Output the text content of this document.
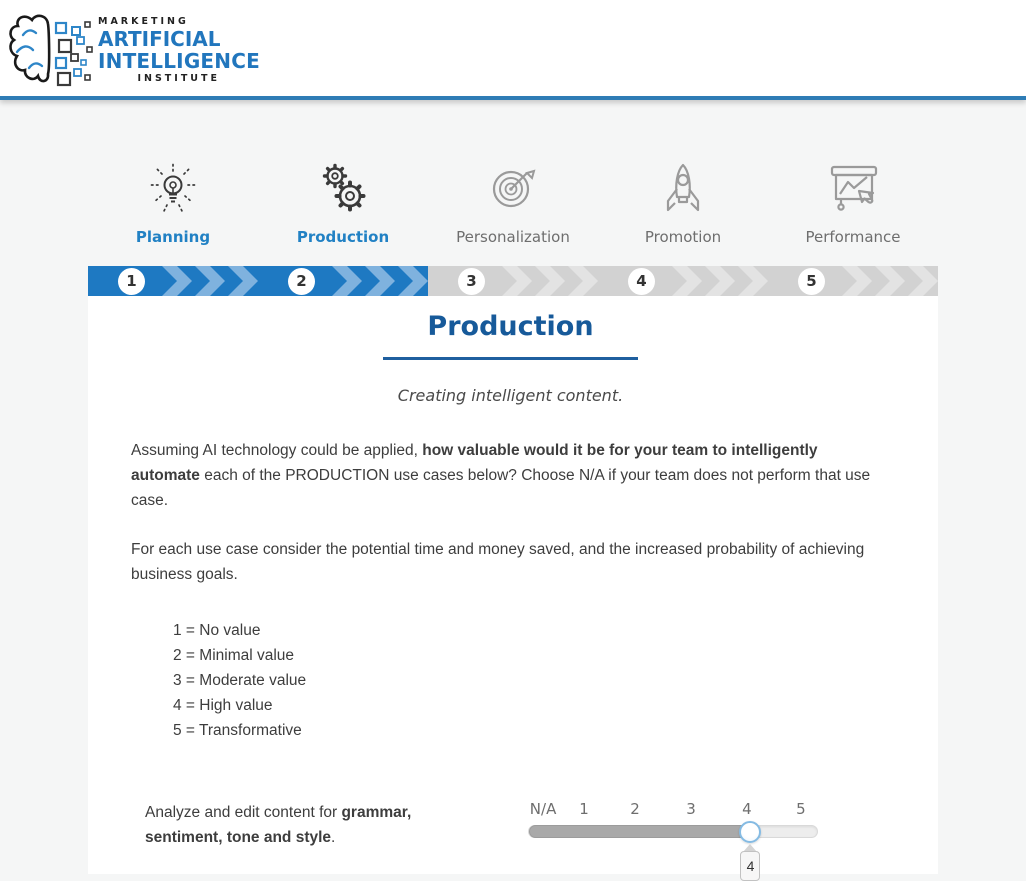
MARKETING
ARTIFICIAL
INTELLIGENCE
INSTITUTE
Planning	Production	Personalization	Promotion	Performance
1	2	3	4	5
Production
Creating intelligent content.

Assuming AI technology could be applied, how valuable would it be for your team to intelligently automate each of the PRODUCTION use cases below? Choose N/A if your team does not perform that use case.

For each use case consider the potential time and money saved, and the increased probability of achieving business goals.

1 = No value
2 = Minimal value
3 = Moderate value
4 = High value
5 = Transformative
Analyze and edit content for grammar, sentiment, tone and style.
N/A 1	2	3	4	5
4
